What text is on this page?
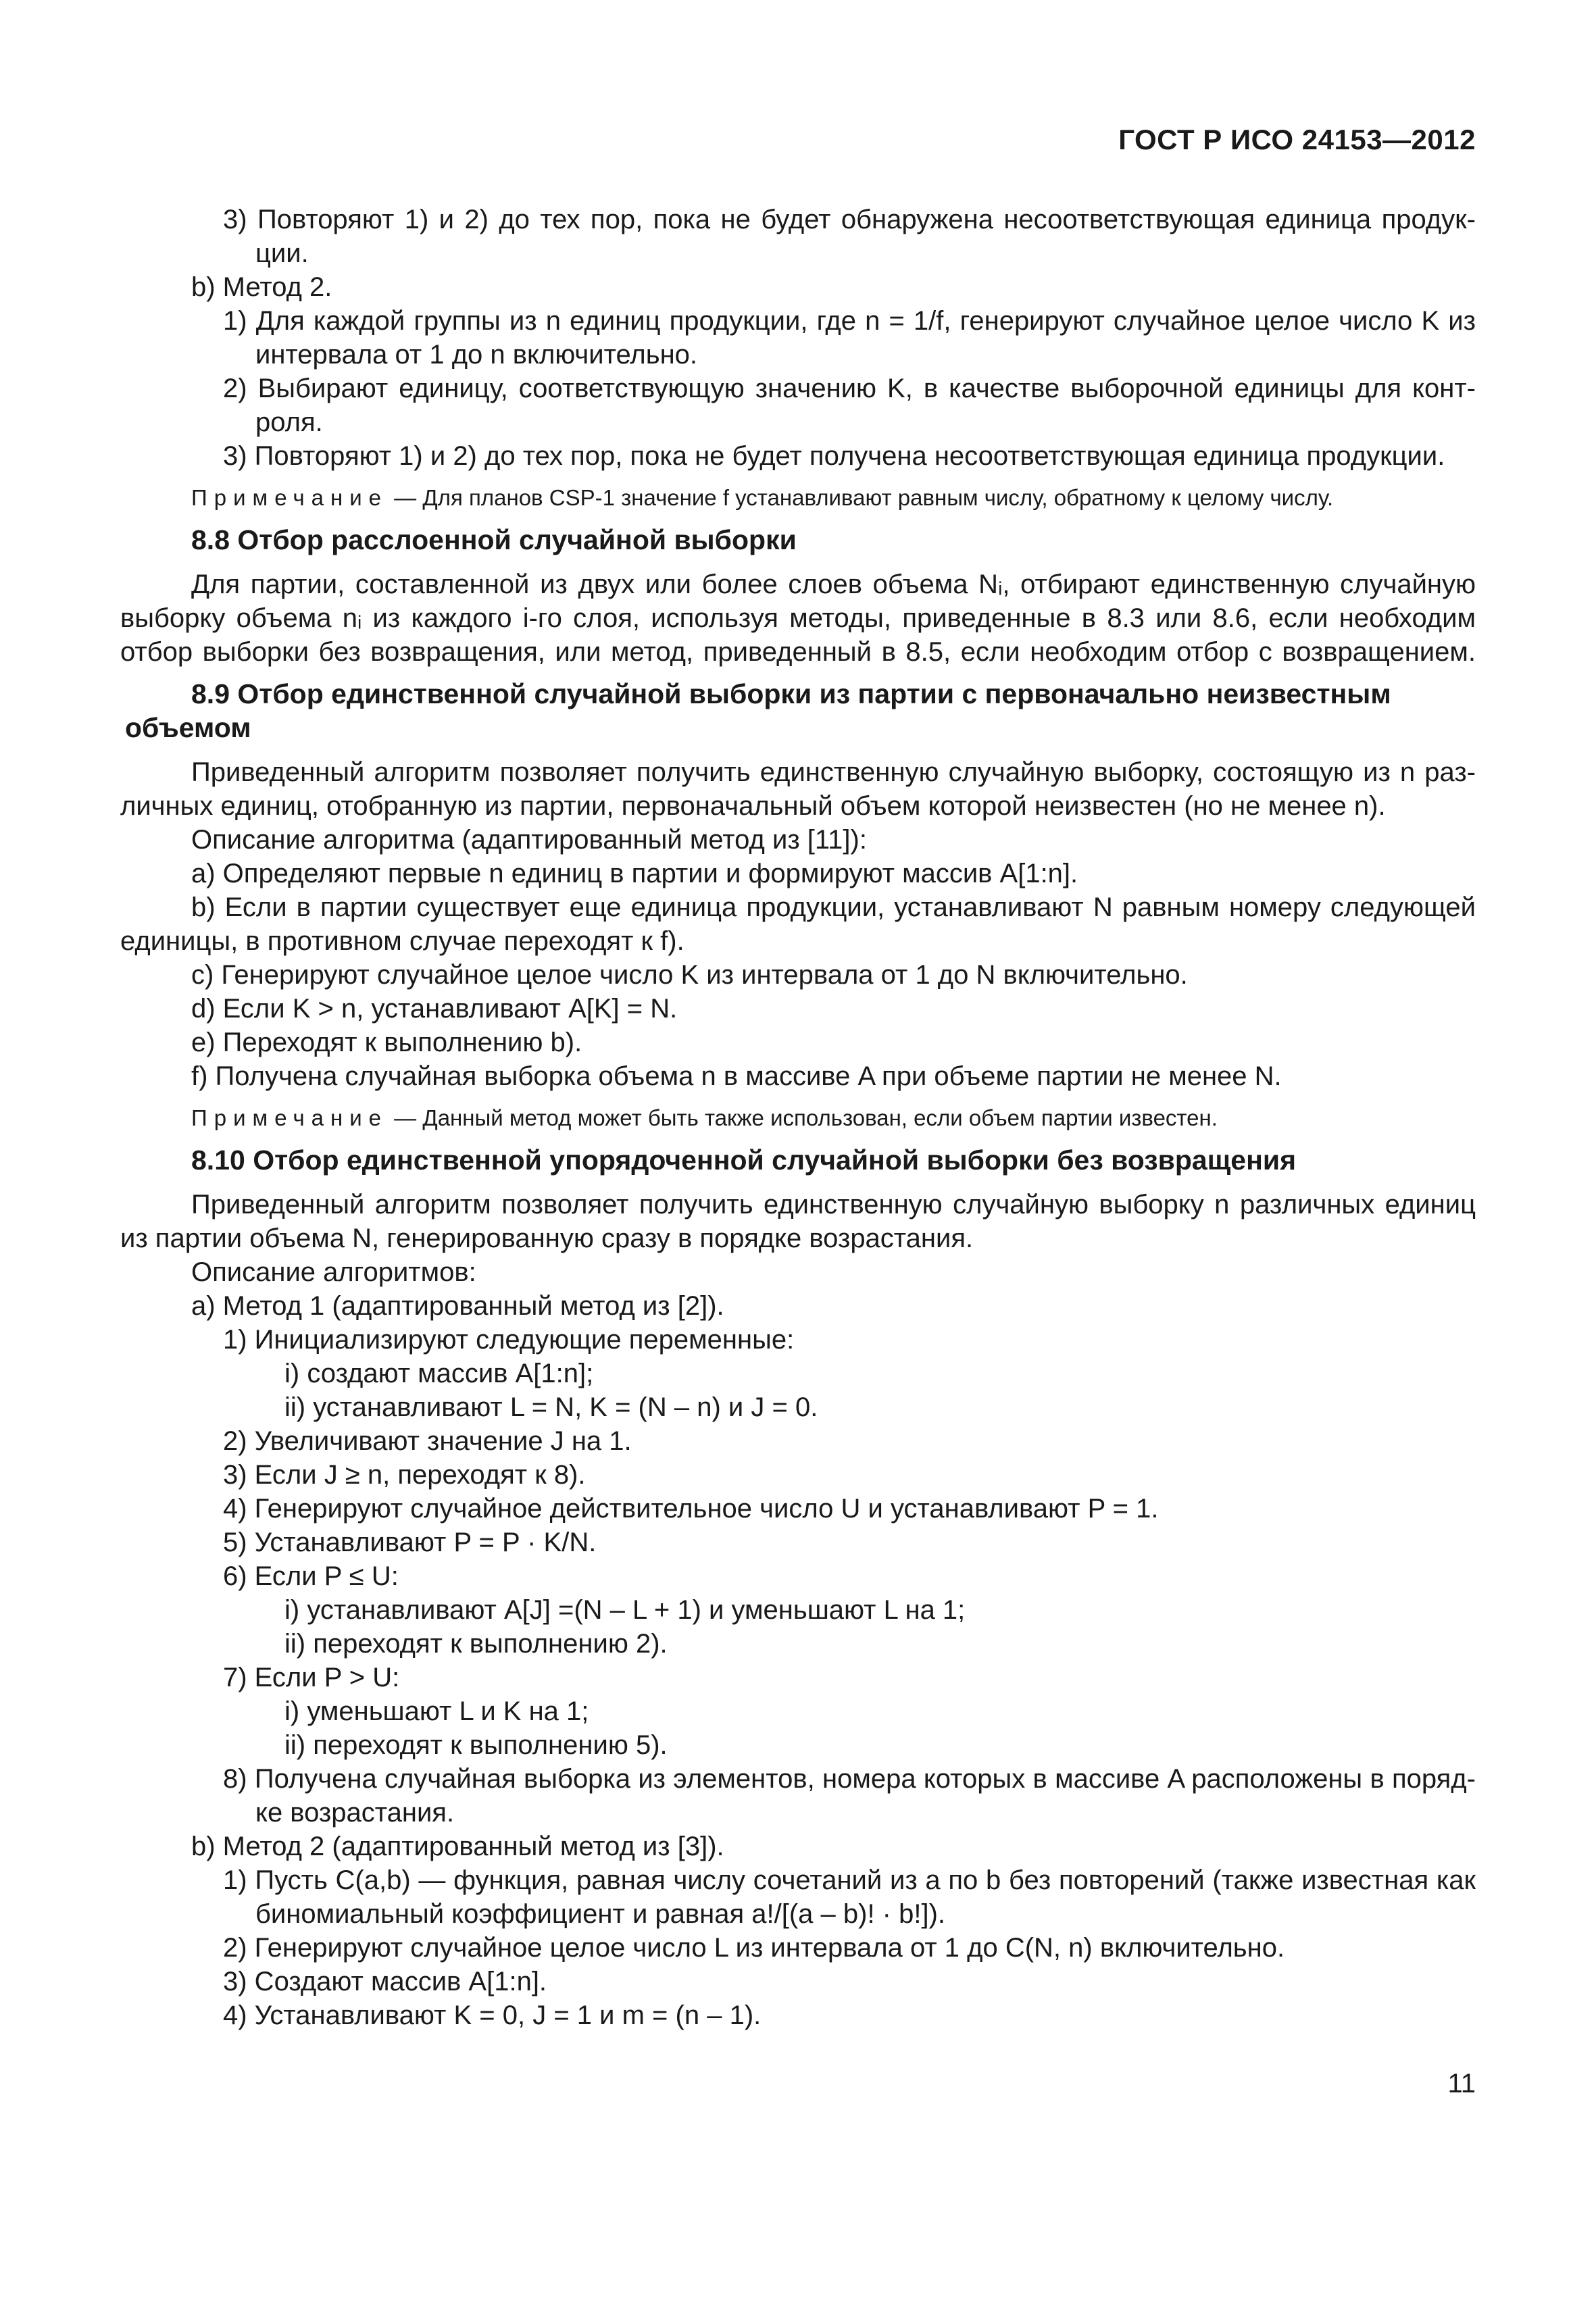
ГОСТ Р ИСО 24153—2012
3) Повторяют 1) и 2) до тех пор, пока не будет обнаружена несоответствующая единица продук-
ции.
b) Метод 2.
1) Для каждой группы из n единиц продукции, где n = 1/f, генерируют случайное целое число K из
интервала от 1 до n включительно.
2) Выбирают единицу, соответствующую значению K, в качестве выборочной единицы для конт-
роля.
3) Повторяют 1) и 2) до тех пор, пока не будет получена несоответствующая единица продукции.
Примечание — Для планов CSP-1 значение f устанавливают равным числу, обратному к целому числу.
8.8 Отбор расслоенной случайной выборки
Для партии, составленной из двух или более слоев объема Nᵢ, отбирают единственную случайную
выборку объема nᵢ из каждого i-го слоя, используя методы, приведенные в 8.3 или 8.6, если необходим
отбор выборки без возвращения, или метод, приведенный в 8.5, если необходим отбор с возвращением.
8.9 Отбор единственной случайной выборки из партии с первоначально неизвестным
объемом
Приведенный алгоритм позволяет получить единственную случайную выборку, состоящую из n раз-
личных единиц, отобранную из партии, первоначальный объем которой неизвестен (но не менее n).
Описание алгоритма (адаптированный метод из [11]):
а) Определяют первые n единиц в партии и формируют массив A[1:n].
b) Если в партии существует еще единица продукции, устанавливают N равным номеру следующей
единицы, в противном случае переходят к f).
c) Генерируют случайное целое число K из интервала от 1 до N включительно.
d) Если K > n, устанавливают A[K] = N.
e) Переходят к выполнению b).
f) Получена случайная выборка объема n в массиве A при объеме партии не менее N.
Примечание — Данный метод может быть также использован, если объем партии известен.
8.10 Отбор единственной упорядоченной случайной выборки без возвращения
Приведенный алгоритм позволяет получить единственную случайную выборку n различных единиц
из партии объема N, генерированную сразу в порядке возрастания.
Описание алгоритмов:
а) Метод 1 (адаптированный метод из [2]).
1) Инициализируют следующие переменные:
i) создают массив A[1:n];
ii) устанавливают L = N, K = (N – n) и J = 0.
2) Увеличивают значение J на 1.
3) Если J ≥ n, переходят к 8).
4) Генерируют случайное действительное число U и устанавливают P = 1.
5) Устанавливают P = P · K/N.
6) Если P ≤ U:
i) устанавливают A[J] =(N – L + 1) и уменьшают L на 1;
ii) переходят к выполнению 2).
7) Если P > U:
i) уменьшают L и K на 1;
ii) переходят к выполнению 5).
8) Получена случайная выборка из элементов, номера которых в массиве A расположены в поряд-
ке возрастания.
b) Метод 2 (адаптированный метод из [3]).
1) Пусть C(a,b) — функция, равная числу сочетаний из a по b без повторений (также известная как
биномиальный коэффициент и равная a!/[(a – b)! · b!]).
2) Генерируют случайное целое число L из интервала от 1 до C(N, n) включительно.
3) Создают массив A[1:n].
4) Устанавливают K = 0, J = 1 и m = (n – 1).
11
